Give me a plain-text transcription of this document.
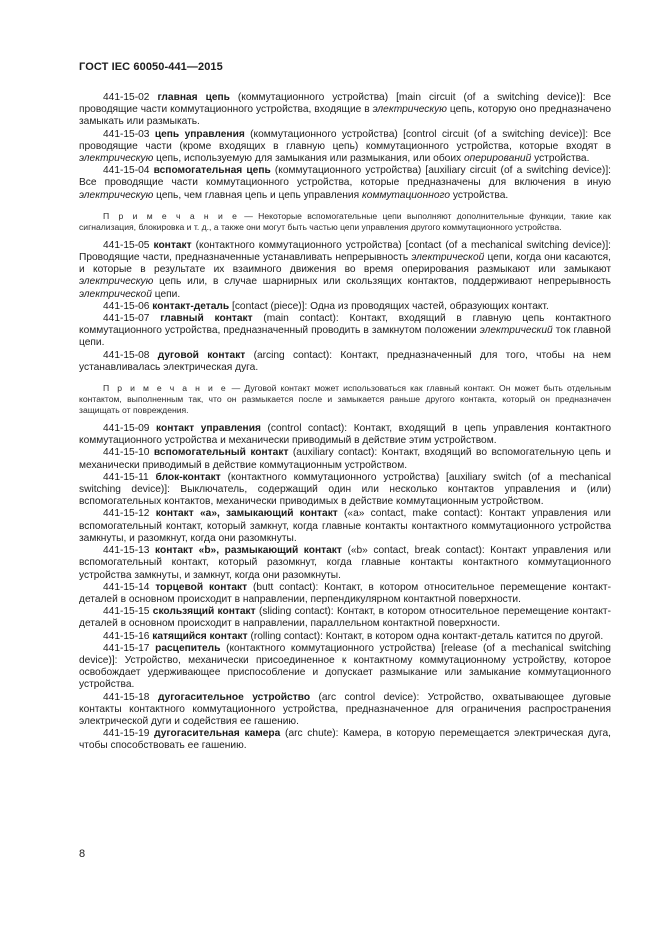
ГОСТ IEC 60050-441—2015

441-15-02 главная цепь (коммутационного устройства) [main circuit (of a switching device)]: Все проводящие части коммутационного устройства, входящие в электрическую цепь, которую оно предназначено замыкать или размыкать.

441-15-03 цепь управления (коммутационного устройства) [control circuit (of a switching device)]: Все проводящие части (кроме входящих в главную цепь) коммутационного устройства, которые входят в электрическую цепь, используемую для замыкания или размыкания, или обоих оперирований устройства.

441-15-04 вспомогательная цепь (коммутационного устройства) [auxiliary circuit (of a switching device)]: Все проводящие части коммутационного устройства, которые предназначены для включения в иную электрическую цепь, чем главная цепь и цепь управления коммутационного устройства.

П р и м е ч а н и е — Некоторые вспомогательные цепи выполняют дополнительные функции, такие как сигнализация, блокировка и т. д., а также они могут быть частью цепи управления другого коммутационного устройства.

441-15-05 контакт (контактного коммутационного устройства) [contact (of a mechanical switching device)]: Проводящие части, предназначенные устанавливать непрерывность электрической цепи, когда они касаются, и которые в результате их взаимного движения во время оперирования размыкают или замыкают электрическую цепь или, в случае шарнирных или скользящих контактов, поддерживают непрерывность электрической цепи.

441-15-06 контакт-деталь [contact (piece)]: Одна из проводящих частей, образующих контакт.

441-15-07 главный контакт (main contact): Контакт, входящий в главную цепь контактного коммутационного устройства, предназначенный проводить в замкнутом положении электрический ток главной цепи.

441-15-08 дуговой контакт (arcing contact): Контакт, предназначенный для того, чтобы на нем устанавливалась электрическая дуга.

П р и м е ч а н и е — Дуговой контакт может использоваться как главный контакт. Он может быть отдельным контактом, выполненным так, что он размыкается после и замыкается раньше другого контакта, который он предназначен защищать от повреждения.

441-15-09 контакт управления (control contact): Контакт, входящий в цепь управления контактного коммутационного устройства и механически приводимый в действие этим устройством.

441-15-10 вспомогательный контакт (auxiliary contact): Контакт, входящий во вспомогательную цепь и механически приводимый в действие коммутационным устройством.

441-15-11 блок-контакт (контактного коммутационного устройства) [auxiliary switch (of a mechanical switching device)]: Выключатель, содержащий один или несколько контактов управления и (или) вспомогательных контактов, механически приводимых в действие коммутационным устройством.

441-15-12 контакт «а», замыкающий контакт («а» contact, make contact): Контакт управления или вспомогательный контакт, который замкнут, когда главные контакты контактного коммутационного устройства замкнуты, и разомкнут, когда они разомкнуты.

441-15-13 контакт «b», размыкающий контакт («b» contact, break contact): Контакт управления или вспомогательный контакт, который разомкнут, когда главные контакты контактного коммутационного устройства замкнуты, и замкнут, когда они разомкнуты.

441-15-14 торцевой контакт (butt contact): Контакт, в котором относительное перемещение контакт-деталей в основном происходит в направлении, перпендикулярном контактной поверхности.

441-15-15 скользящий контакт (sliding contact): Контакт, в котором относительное перемещение контакт-деталей в основном происходит в направлении, параллельном контактной поверхности.

441-15-16 катящийся контакт (rolling contact): Контакт, в котором одна контакт-деталь катится по другой.

441-15-17 расцепитель (контактного коммутационного устройства) [release (of a mechanical switching device)]: Устройство, механически присоединенное к контактному коммутационному устройству, которое освобождает удерживающее приспособление и допускает размыкание или замыкание коммутационного устройства.

441-15-18 дугогасительное устройство (arc control device): Устройство, охватывающее дуговые контакты контактного коммутационного устройства, предназначенное для ограничения распространения электрической дуги и содействия ее гашению.

441-15-19 дугогасительная камера (arc chute): Камера, в которую перемещается электрическая дуга, чтобы способствовать ее гашению.

8
